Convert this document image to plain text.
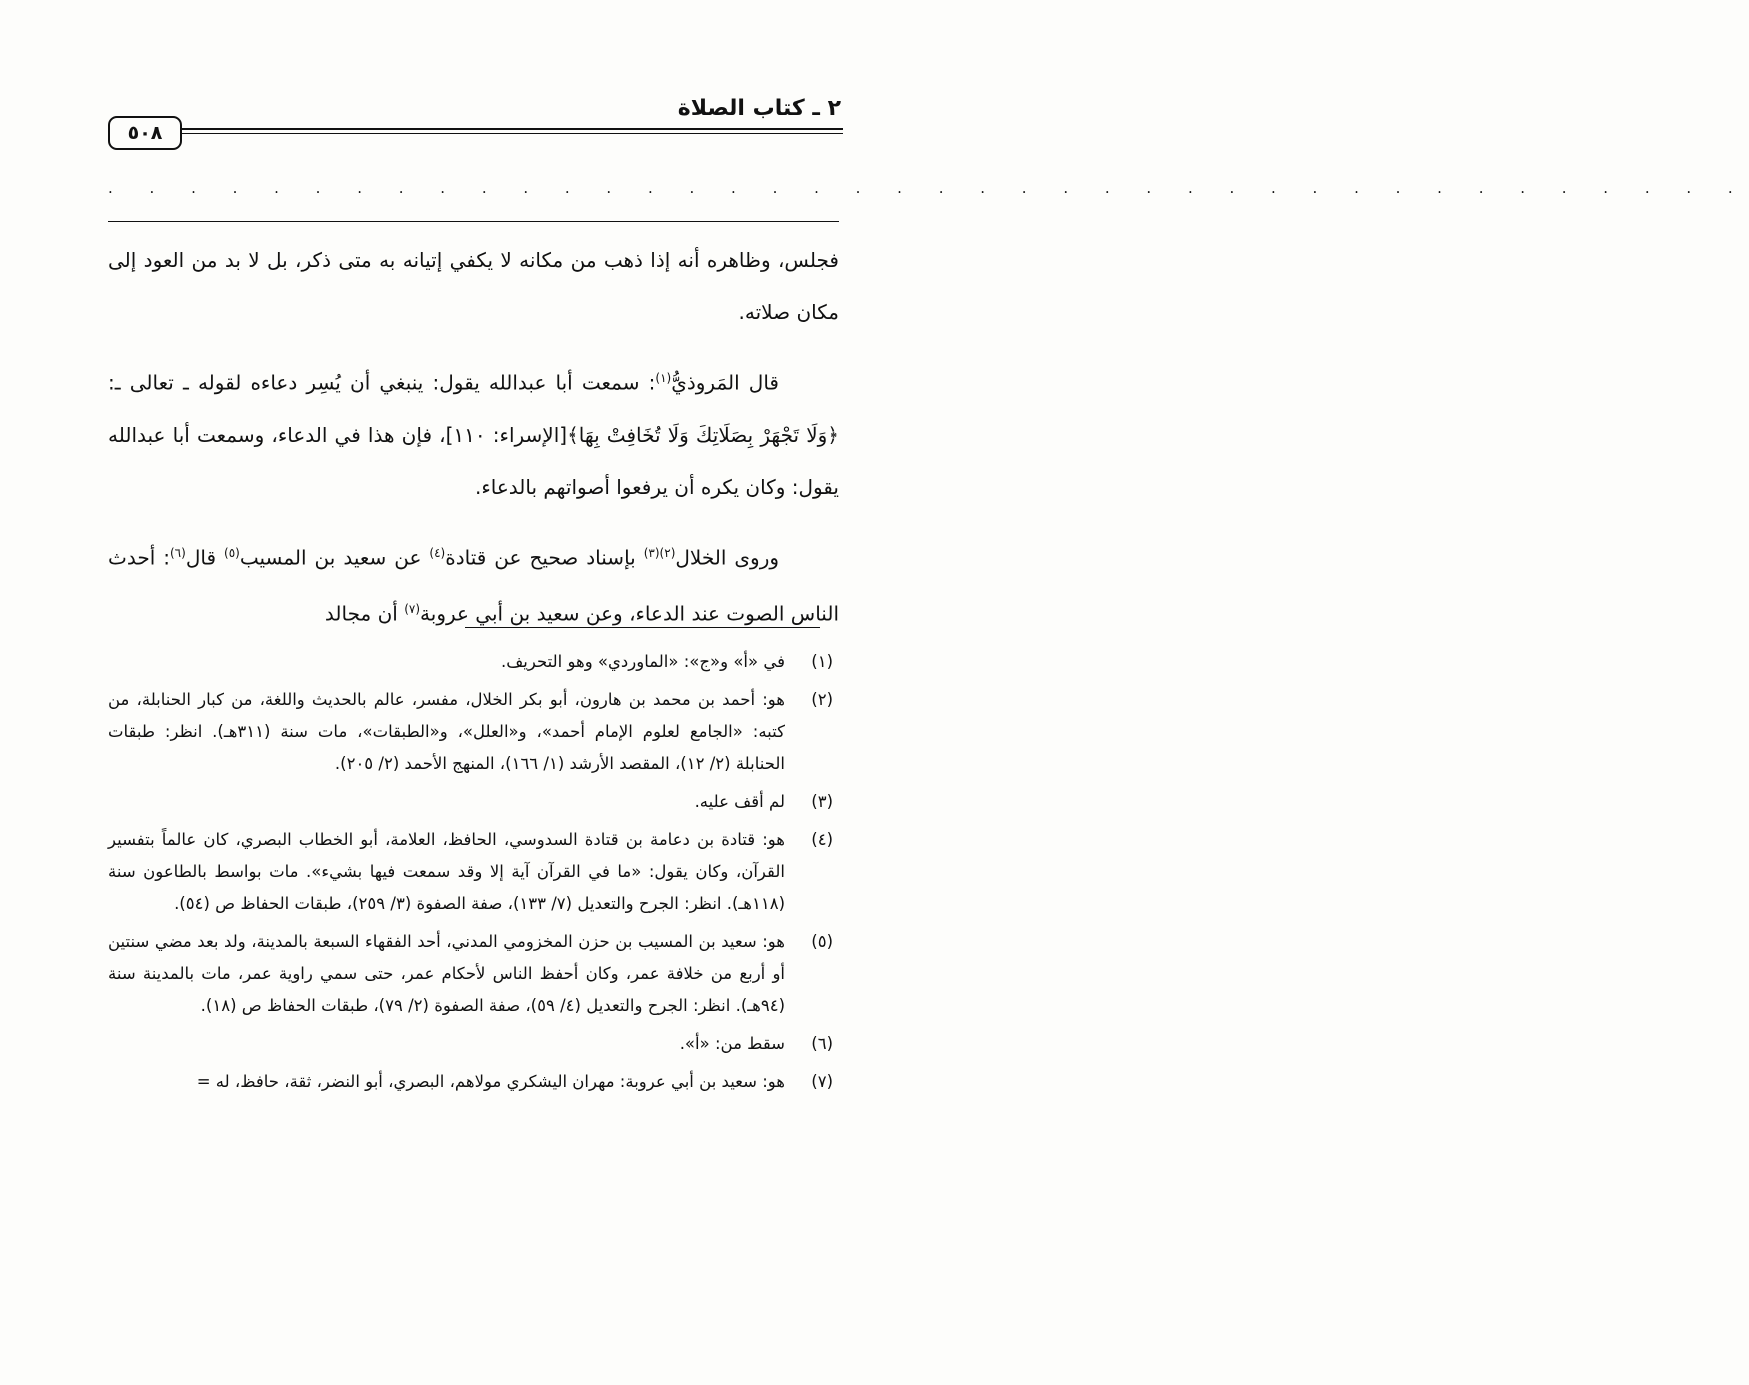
٢ ـ كتاب الصلاة
٥٠٨
. . . . . . . . . . . . . . . . . . . . . . . . . . . . . . . . . . . . . . . .

فجلس، وظاهره أنه إذا ذهب من مكانه لا يكفي إتيانه به متى ذكر، بل لا بد من العود إلى مكان صلاته.

قال المَروذيُّ$^{(١)}$: سمعت أبا عبدالله يقول: ينبغي أن يُسِر دعاءه لقوله ـ تعالى ـ: ﴿وَلَا تَجْهَرْ بِصَلَاتِكَ وَلَا تُخَافِتْ بِهَا﴾[الإسراء: ١١٠]، فإن هذا في الدعاء، وسمعت أبا عبدالله يقول: وكان يكره أن يرفعوا أصواتهم بالدعاء.

وروى الخلال$^{(٢)(٣)}$ بإسناد صحيح عن قتادة$^{(٤)}$ عن سعيد بن المسيب$^{(٥)}$ قال$^{(٦)}$: أحدث الناس الصوت عند الدعاء، وعن سعيد بن أبي عروبة$^{(٧)}$ أن مجالد

(١)
في «أ» و«ج»: «الماوردي» وهو التحريف.
(٢)
هو: أحمد بن محمد بن هارون، أبو بكر الخلال، مفسر، عالم بالحديث واللغة، من كبار الحنابلة، من كتبه: «الجامع لعلوم الإمام أحمد»، و«العلل»، و«الطبقات»، مات سنة (٣١١هـ). انظر: طبقات الحنابلة (٢/ ١٢)، المقصد الأرشد (١/ ١٦٦)، المنهج الأحمد (٢/ ٢٠٥).
(٣)
لم أقف عليه.
(٤)
هو: قتادة بن دعامة بن قتادة السدوسي، الحافظ، العلامة، أبو الخطاب البصري، كان عالماً بتفسير القرآن، وكان يقول: «ما في القرآن آية إلا وقد سمعت فيها بشيء». مات بواسط بالطاعون سنة (١١٨هـ). انظر: الجرح والتعديل (٧/ ١٣٣)، صفة الصفوة (٣/ ٢٥٩)، طبقات الحفاظ ص (٥٤).
(٥)
هو: سعيد بن المسيب بن حزن المخزومي المدني، أحد الفقهاء السبعة بالمدينة، ولد بعد مضي سنتين أو أربع من خلافة عمر، وكان أحفظ الناس لأحكام عمر، حتى سمي راوية عمر، مات بالمدينة سنة (٩٤هـ). انظر: الجرح والتعديل (٤/ ٥٩)، صفة الصفوة (٢/ ٧٩)، طبقات الحفاظ ص (١٨).
(٦)
سقط من: «أ».
(٧)
هو: سعيد بن أبي عروبة: مهران اليشكري مولاهم، البصري، أبو النضر، ثقة، حافظ، له =
